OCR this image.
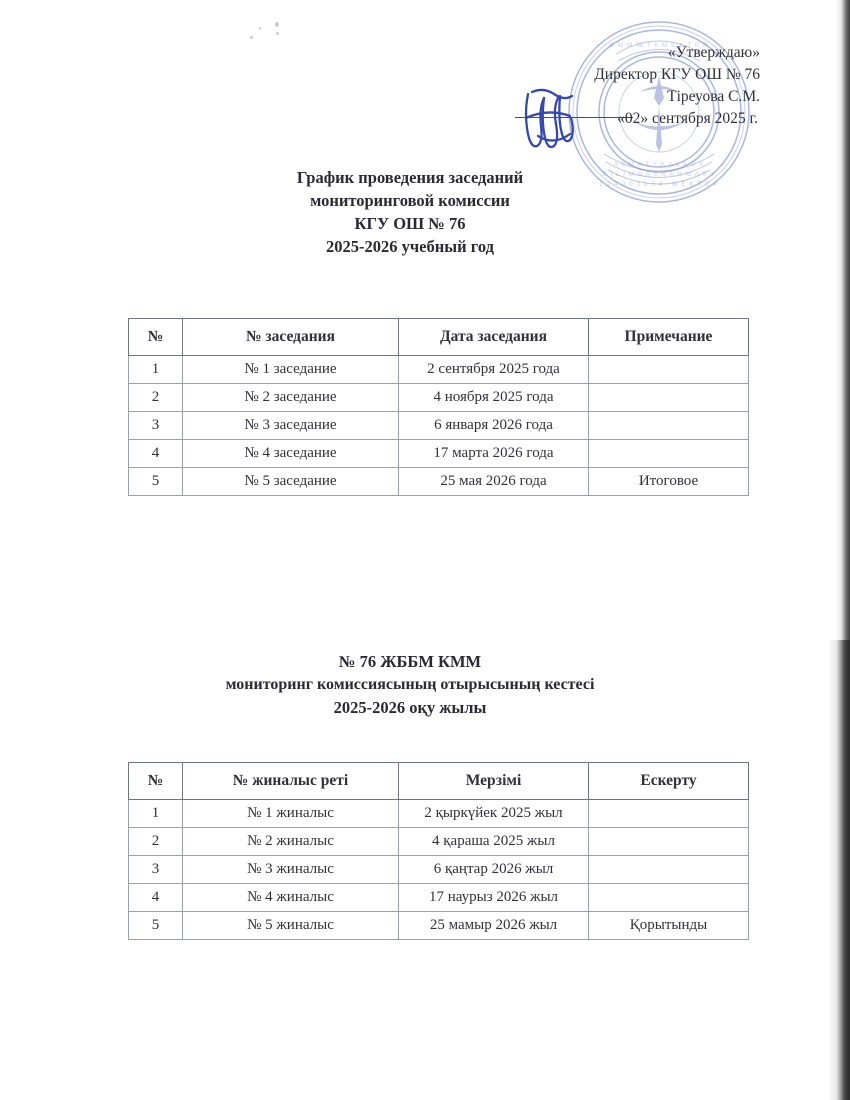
A L M A T Y K A L A S Y
B I L I M B A S K A R M A S Y
2 2 4 0 0 0 2 5 4 · M E K T E P
K M M № 7 6 M E K T E P
«Утверждаю»
Директор КГУ ОШ № 76
Тіреуова С.М.
«02» сентября 2025 г.
График проведения заседаний
мониторинговой комиссии
КГУ ОШ № 76
2025-2026 учебный год
№	№ заседания	Дата заседания	Примечание
1	№ 1 заседание	2 сентября 2025 года	
2	№ 2 заседание	4 ноября 2025 года	
3	№ 3 заседание	6 января 2026 года	
4	№ 4 заседание	17 марта 2026 года	
5	№ 5 заседание	25 мая 2026 года	Итоговое
№ 76 ЖББМ КММ
мониторинг комиссиясының отырысының кестесі
2025-2026 оқу жылы
№	№ жиналыс реті	Мерзімі	Ескерту
1	№ 1 жиналыс	2 қыркүйек 2025 жыл	
2	№ 2 жиналыс	4 қараша 2025 жыл	
3	№ 3 жиналыс	6 қаңтар 2026 жыл	
4	№ 4 жиналыс	17 наурыз 2026 жыл	
5	№ 5 жиналыс	25 мамыр 2026 жыл	Қорытынды
